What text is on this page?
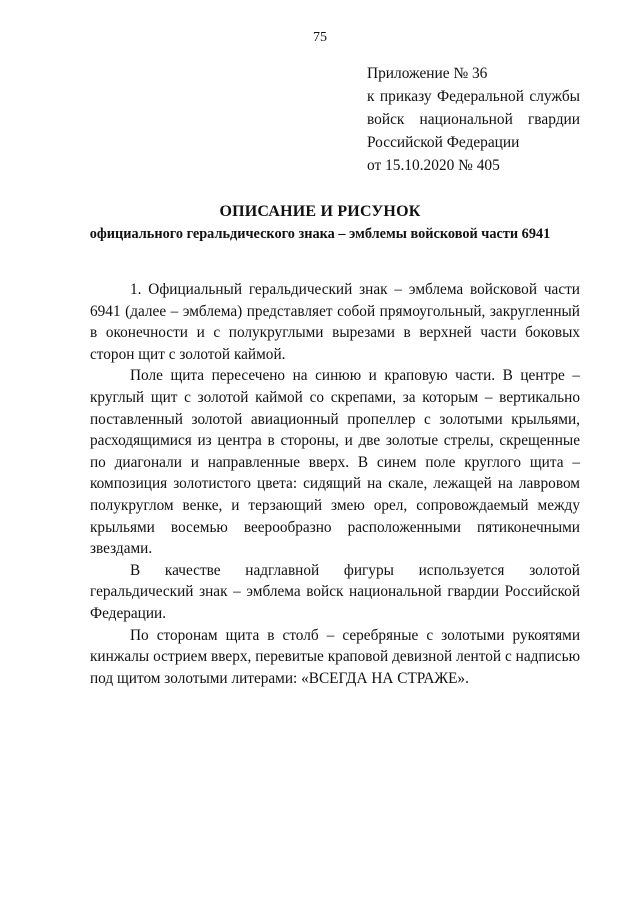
75
Приложение № 36
к приказу Федеральной службы
войск национальной гвардии
Российской Федерации
от 15.10.2020 № 405
ОПИСАНИЕ И РИСУНОК
официального геральдического знака – эмблемы войсковой части 6941

1. Официальный геральдический знак – эмблема войсковой части 6941 (далее – эмблема) представляет собой прямоугольный, закругленный в оконечности и с полукруглыми вырезами в верхней части боковых сторон щит с золотой каймой.

Поле щита пересечено на синюю и краповую части. В центре – круглый щит с золотой каймой со скрепами, за которым – вертикально поставленный золотой авиационный пропеллер с золотыми крыльями, расходящимися из центра в стороны, и две золотые стрелы, скрещенные по диагонали и направленные вверх. В синем поле круглого щита – композиция золотистого цвета: сидящий на скале, лежащей на лавровом полукруглом венке, и терзающий змею орел, сопровождаемый между крыльями восемью веерообразно расположенными пятиконечными звездами.

В качестве надглавной фигуры используется золотой геральдический знак – эмблема войск национальной гвардии Российской Федерации.

По сторонам щита в столб – серебряные с золотыми рукоятями кинжалы острием вверх, перевитые краповой девизной лентой с надписью под щитом золотыми литерами: «ВСЕГДА НА СТРАЖЕ».
